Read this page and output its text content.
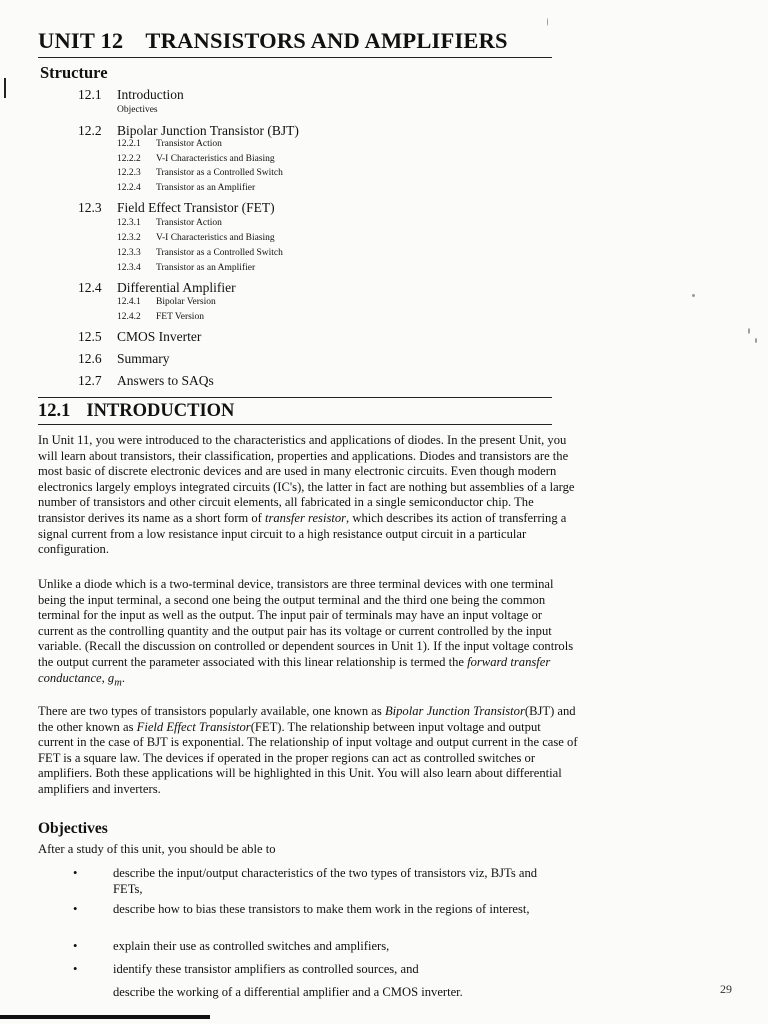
UNIT 12 TRANSISTORS AND AMPLIFIERS
Structure
12.1 Introduction
Objectives
12.2 Bipolar Junction Transistor (BJT)
12.2.1 Transistor Action
12.2.2 V-I Characteristics and Biasing
12.2.3 Transistor as a Controlled Switch
12.2.4 Transistor as an Amplifier
12.3 Field Effect Transistor (FET)
12.3.1 Transistor Action
12.3.2 V-I Characteristics and Biasing
12.3.3 Transistor as a Controlled Switch
12.3.4 Transistor as an Amplifier
12.4 Differential Amplifier
12.4.1 Bipolar Version
12.4.2 FET Version
12.5 CMOS Inverter
12.6 Summary
12.7 Answers to SAQs
12.1 INTRODUCTION

In Unit 11, you were introduced to the characteristics and applications of diodes. In the present Unit, you will learn about transistors, their classification, properties and applications. Diodes and transistors are the most basic of discrete electronic devices and are used in many electronic circuits. Even though modern electronics largely employs integrated circuits (IC's), the latter in fact are nothing but assemblies of a large number of transistors and other circuit elements, all fabricated in a single semiconductor chip. The transistor derives its name as a short form of transfer resistor, which describes its action of transferring a signal current from a low resistance input circuit to a high resistance output circuit in a particular configuration.

Unlike a diode which is a two-terminal device, transistors are three terminal devices with one terminal being the input terminal, a second one being the output terminal and the third one being the common terminal for the input as well as the output. The input pair of terminals may have an input voltage or current as the controlling quantity and the output pair has its voltage or current controlled by the input variable. (Recall the discussion on controlled or dependent sources in Unit 1). If the input voltage controls the output current the parameter associated with this linear relationship is termed the forward transfer conductance, $g_m$.

There are two types of transistors popularly available, one known as Bipolar Junction Transistor(BJT) and the other known as Field Effect Transistor(FET). The relationship between input voltage and output current in the case of BJT is exponential. The relationship of input voltage and output current in the case of FET is a square law. The devices if operated in the proper regions can act as controlled switches or amplifiers. Both these applications will be highlighted in this Unit. You will also learn about differential amplifiers and inverters.

Objectives
After a study of this unit, you should be able to
•	describe the input/output characteristics of the two types of transistors viz, BJTs and FETs,
•	describe how to bias these transistors to make them work in the regions of interest,
•	explain their use as controlled switches and amplifiers,
•	identify these transistor amplifiers as controlled sources, and
describe the working of a differential amplifier and a CMOS inverter.	29
